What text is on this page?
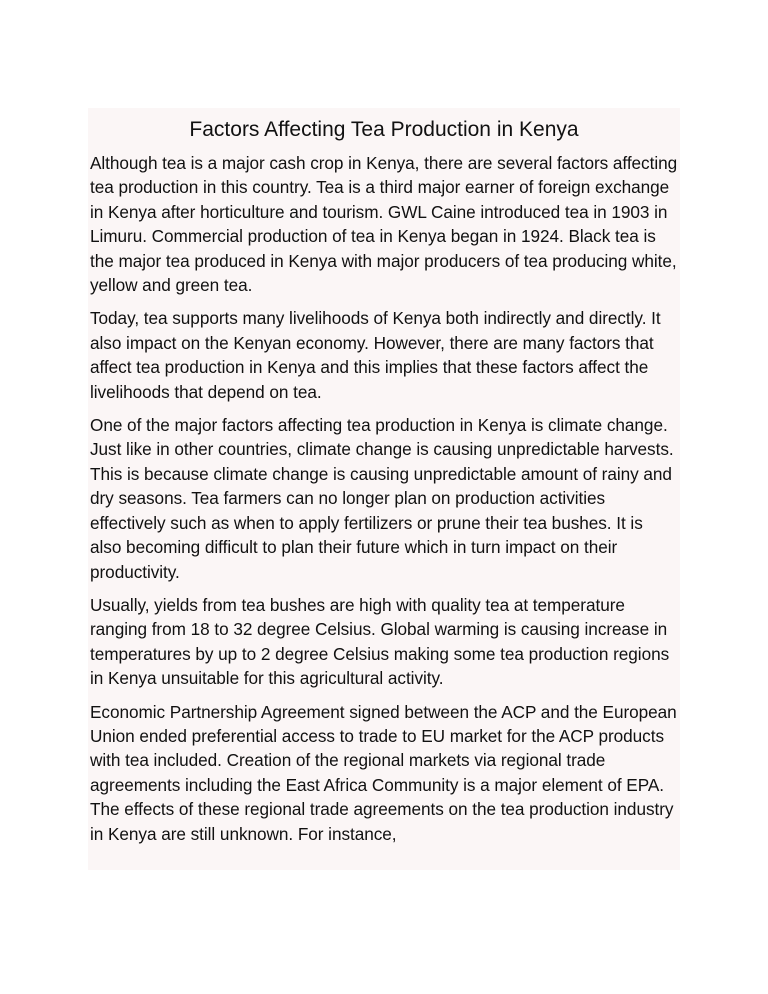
Factors Affecting Tea Production in Kenya

Although tea is a major cash crop in Kenya, there are several factors affecting tea production in this country. Tea is a third major earner of foreign exchange in Kenya after horticulture and tourism. GWL Caine introduced tea in 1903 in Limuru. Commercial production of tea in Kenya began in 1924. Black tea is the major tea produced in Kenya with major producers of tea producing white, yellow and green tea.

Today, tea supports many livelihoods of Kenya both indirectly and directly. It also impact on the Kenyan economy. However, there are many factors that affect tea production in Kenya and this implies that these factors affect the livelihoods that depend on tea.

One of the major factors affecting tea production in Kenya is climate change. Just like in other countries, climate change is causing unpredictable harvests. This is because climate change is causing unpredictable amount of rainy and dry seasons. Tea farmers can no longer plan on production activities effectively such as when to apply fertilizers or prune their tea bushes. It is also becoming difficult to plan their future which in turn impact on their productivity.

Usually, yields from tea bushes are high with quality tea at temperature ranging from 18 to 32 degree Celsius. Global warming is causing increase in temperatures by up to 2 degree Celsius making some tea production regions in Kenya unsuitable for this agricultural activity.

Economic Partnership Agreement signed between the ACP and the European Union ended preferential access to trade to EU market for the ACP products with tea included. Creation of the regional markets via regional trade agreements including the East Africa Community is a major element of EPA. The effects of these regional trade agreements on the tea production industry in Kenya are still unknown. For instance,
